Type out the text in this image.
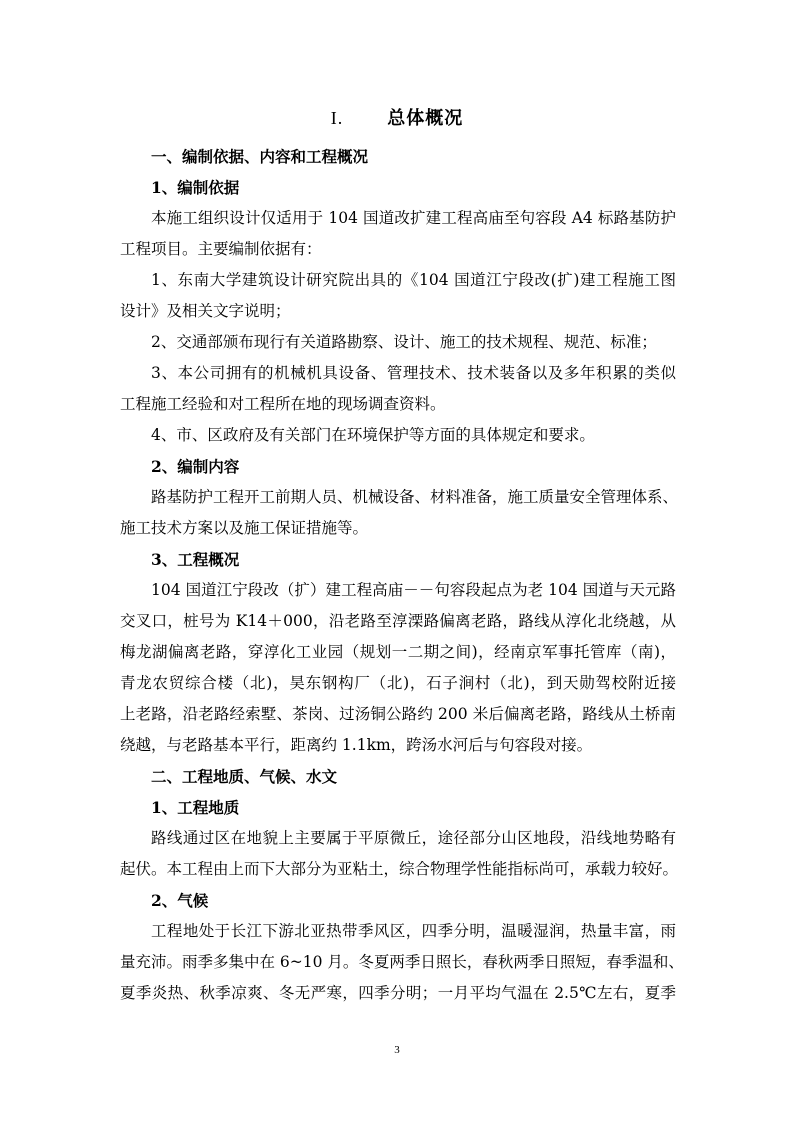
I. 总体概况
一、编制依据、内容和工程概况
1、编制依据
本施工组织设计仅适用于 104 国道改扩建工程高庙至句容段 A4 标路基防护
工程项目。主要编制依据有：
1、东南大学建筑设计研究院出具的《104 国道江宁段改(扩)建工程施工图
设计》及相关文字说明；
2、交通部颁布现行有关道路勘察、设计、施工的技术规程、规范、标准；
3、本公司拥有的机械机具设备、管理技术、技术装备以及多年积累的类似
工程施工经验和对工程所在地的现场调查资料。
4、市、区政府及有关部门在环境保护等方面的具体规定和要求。
2、编制内容
路基防护工程开工前期人员、机械设备、材料准备，施工质量安全管理体系、
施工技术方案以及施工保证措施等。
3、工程概况
104 国道江宁段改（扩）建工程高庙－－句容段起点为老 104 国道与天元路
交叉口，桩号为 K14＋000，沿老路至淳溧路偏离老路，路线从淳化北绕越，从
梅龙湖偏离老路，穿淳化工业园（规划一二期之间)，经南京军事托管库（南)，
青龙农贸综合楼（北)，昊东钢构厂（北)，石子涧村（北)，到天勋驾校附近接
上老路，沿老路经索墅、茶岗、过汤铜公路约 200 米后偏离老路，路线从土桥南
绕越，与老路基本平行，距离约 1.1km，跨汤水河后与句容段对接。
二、工程地质、气候、水文
1、工程地质
路线通过区在地貌上主要属于平原微丘，途径部分山区地段，沿线地势略有
起伏。本工程由上而下大部分为亚粘土，综合物理学性能指标尚可，承载力较好。
2、气候
工程地处于长江下游北亚热带季风区，四季分明，温暖湿润，热量丰富，雨
量充沛。雨季多集中在 6~10 月。冬夏两季日照长，春秋两季日照短，春季温和、
夏季炎热、秋季凉爽、冬无严寒，四季分明；一月平均气温在 2.5℃左右，夏季
3
